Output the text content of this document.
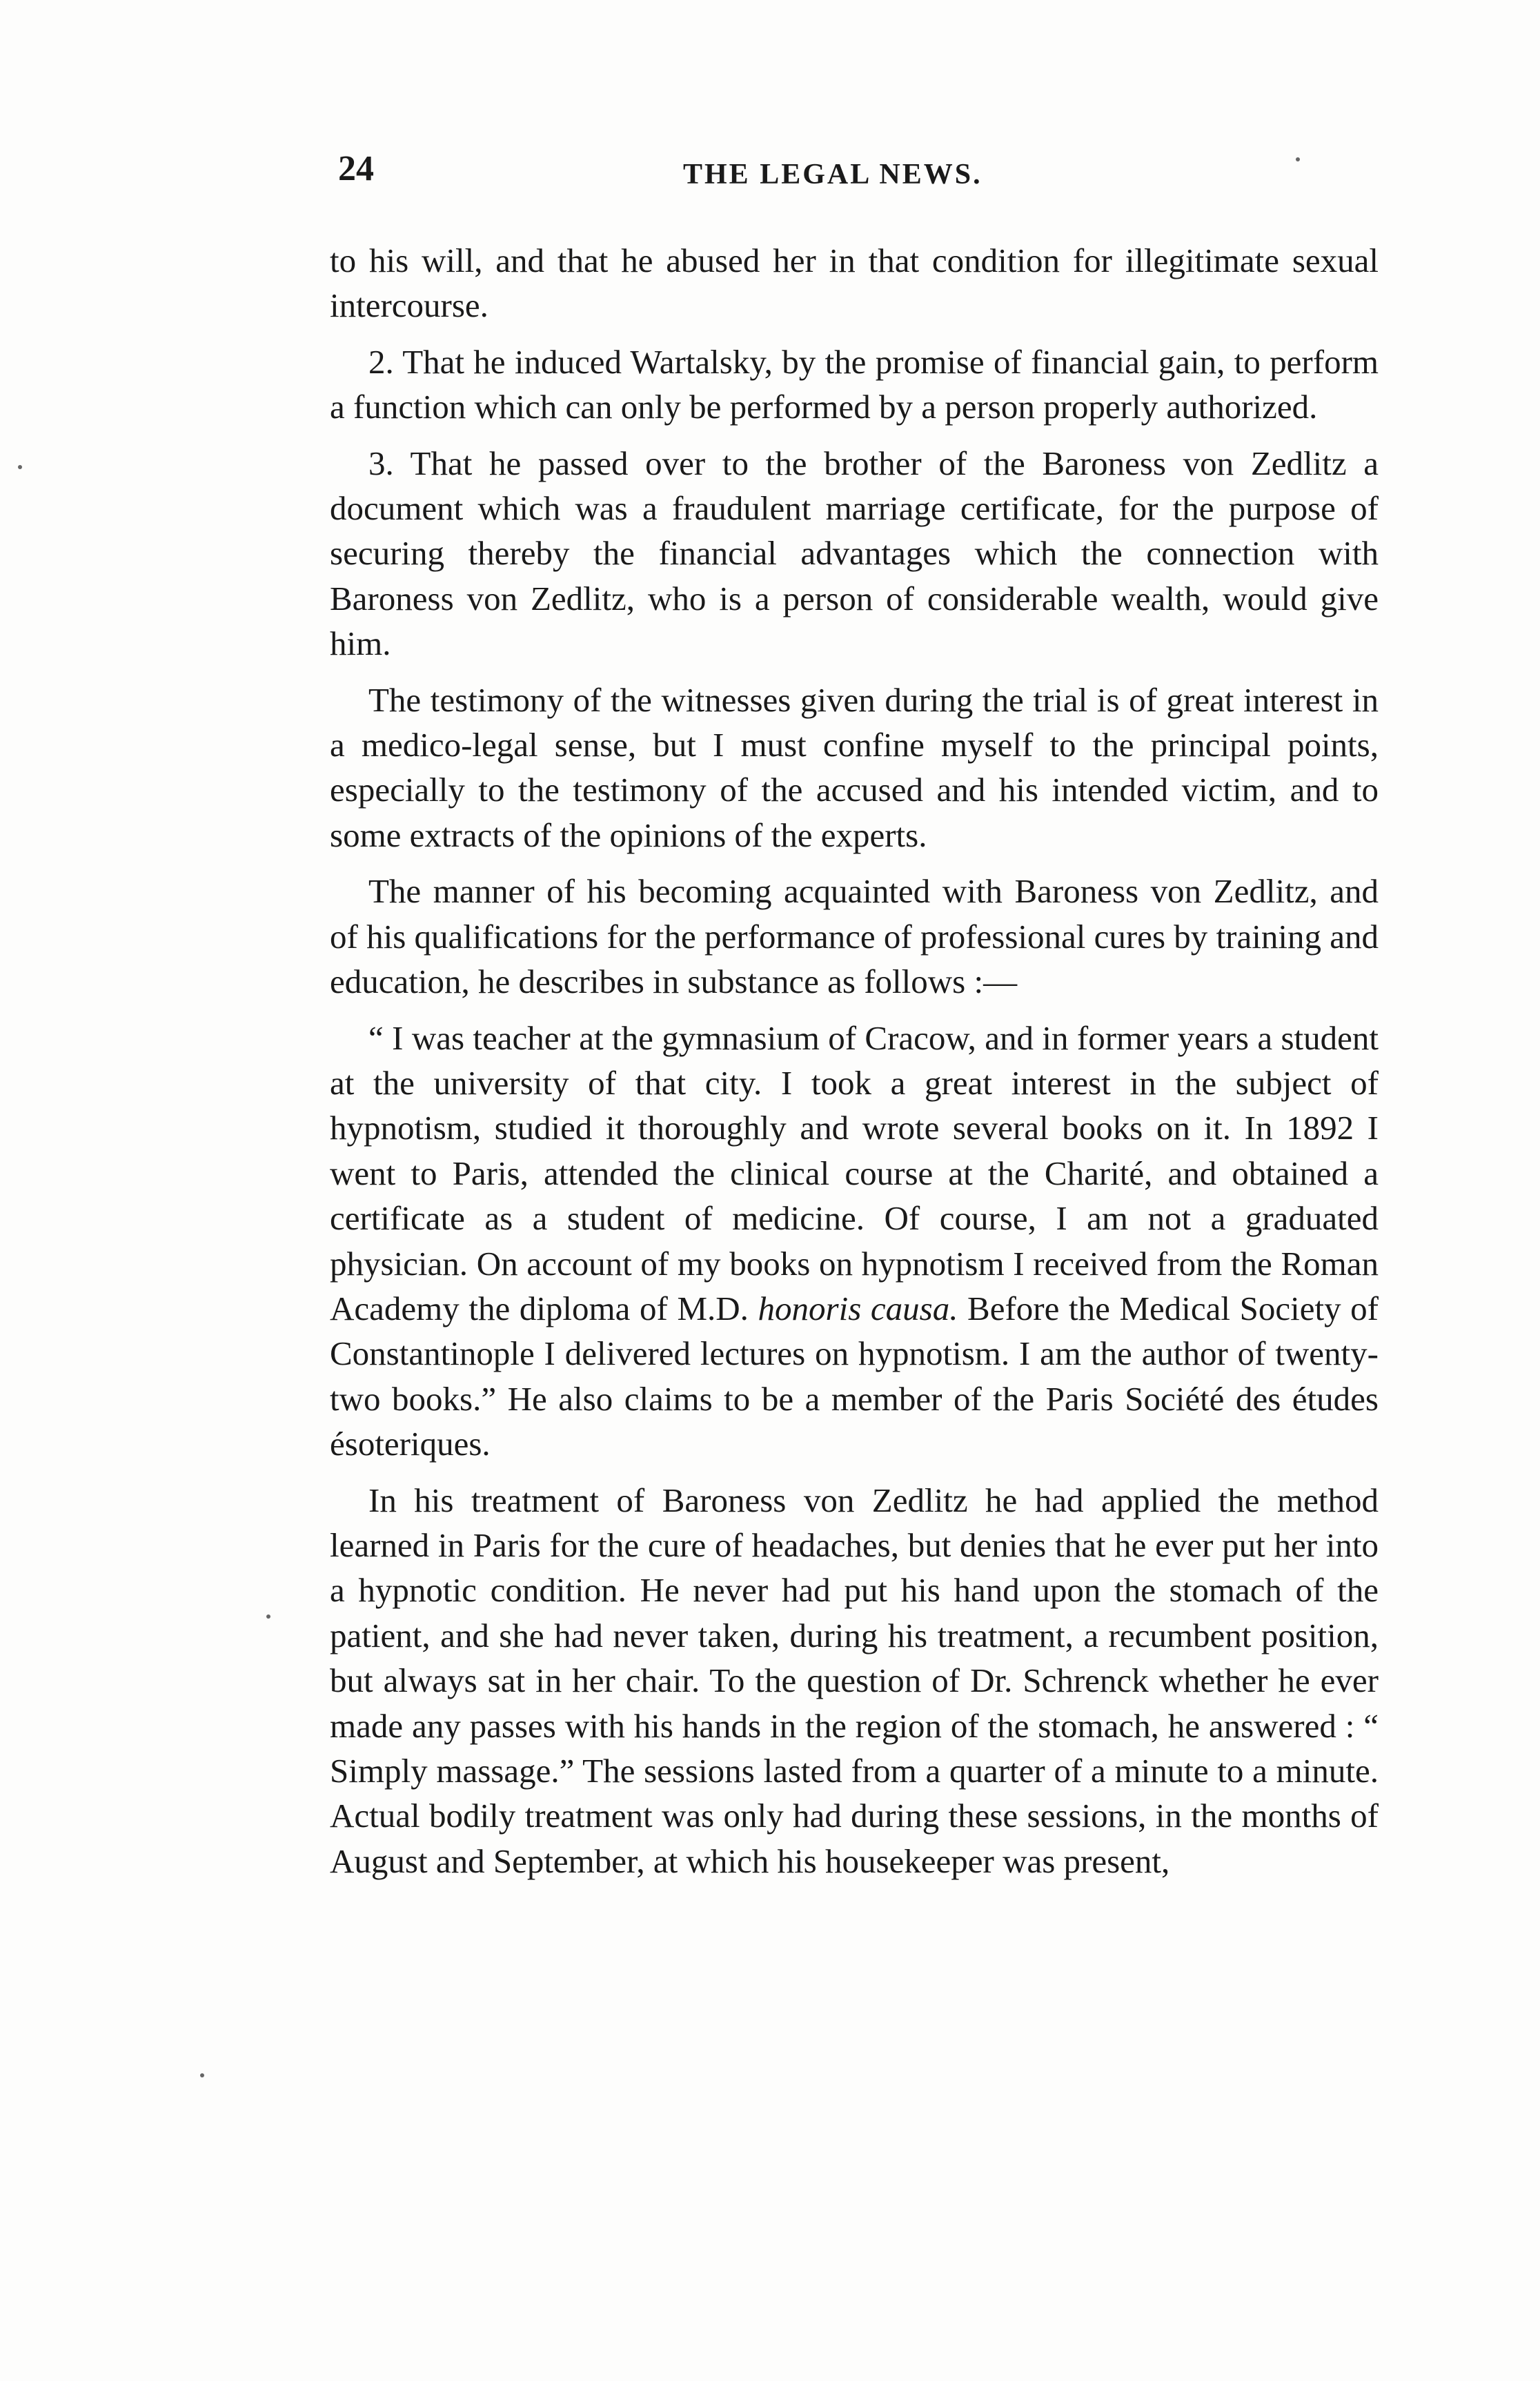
24	THE LEGAL NEWS.

to his will, and that he abused her in that condition for illegitimate sexual intercourse.

2. That he induced Wartalsky, by the promise of financial gain, to perform a function which can only be performed by a person properly authorized.

3. That he passed over to the brother of the Baroness von Zedlitz a document which was a fraudulent marriage certificate, for the purpose of securing thereby the financial advantages which the connection with Baroness von Zedlitz, who is a person of considerable wealth, would give him.

The testimony of the witnesses given during the trial is of great interest in a medico-legal sense, but I must confine myself to the principal points, especially to the testimony of the accused and his intended victim, and to some extracts of the opinions of the experts.

The manner of his becoming acquainted with Baroness von Zedlitz, and of his qualifications for the performance of professional cures by training and education, he describes in substance as follows :—

“ I was teacher at the gymnasium of Cracow, and in former years a student at the university of that city. I took a great interest in the subject of hypnotism, studied it thoroughly and wrote several books on it. In 1892 I went to Paris, attended the clinical course at the Charité, and obtained a certificate as a student of medicine. Of course, I am not a graduated physician. On account of my books on hypnotism I received from the Roman Academy the diploma of M.D. honoris causa. Before the Medical Society of Constantinople I delivered lectures on hypnotism. I am the author of twenty-two books.” He also claims to be a member of the Paris Société des études ésoteriques.

In his treatment of Baroness von Zedlitz he had applied the method learned in Paris for the cure of headaches, but denies that he ever put her into a hypnotic condition. He never had put his hand upon the stomach of the patient, and she had never taken, during his treatment, a recumbent position, but always sat in her chair. To the question of Dr. Schrenck whether he ever made any passes with his hands in the region of the stomach, he answered : “ Simply massage.” The sessions lasted from a quarter of a minute to a minute. Actual bodily treatment was only had during these sessions, in the months of August and September, at which his housekeeper was present,
